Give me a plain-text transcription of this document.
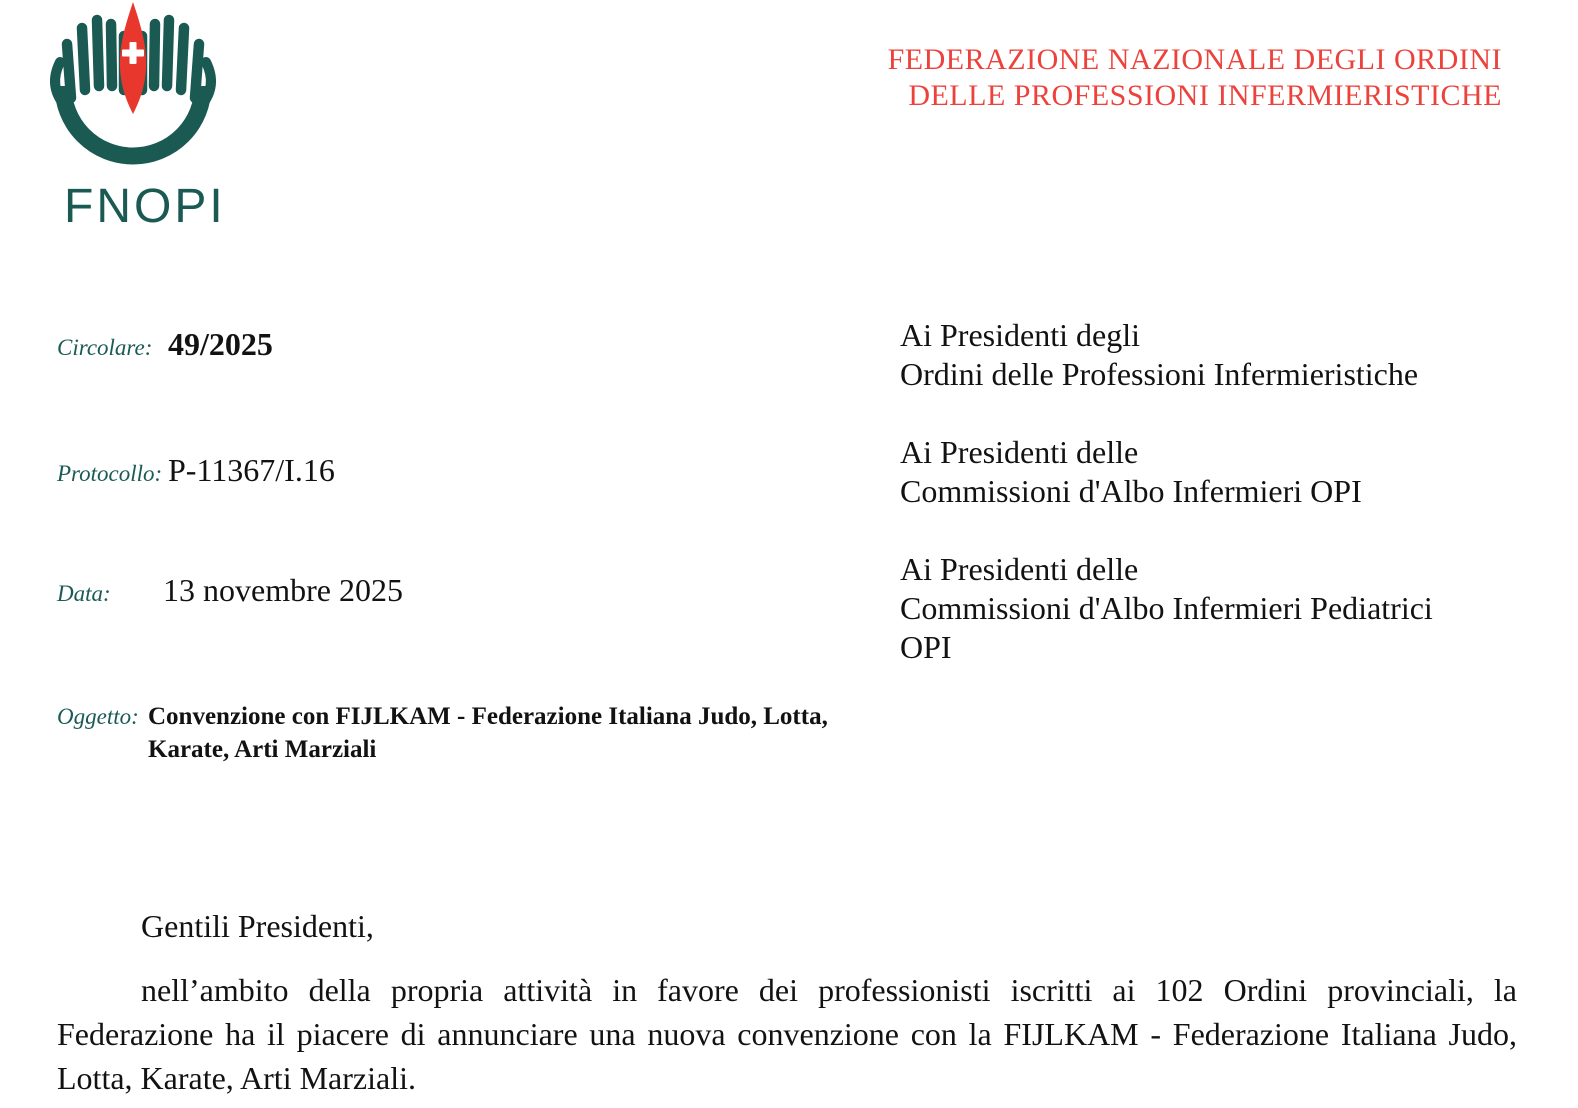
FNOPI
FEDERAZIONE NAZIONALE DEGLI ORDINI
DELLE PROFESSIONI INFERMIERISTICHE
Circolare: 49/2025
Protocollo: P-11367/I.16
Data: 13 novembre 2025
Oggetto: Convenzione con FIJLKAM - Federazione Italiana Judo, Lotta, Karate, Arti Marziali
Ai Presidenti degli
Ordini delle Professioni Infermieristiche
Ai Presidenti delle
Commissioni d'Albo Infermieri OPI
Ai Presidenti delle
Commissioni d'Albo Infermieri Pediatrici
OPI
Gentili Presidenti,
nell’ambito della propria attività in favore dei professionisti iscritti ai 102 Ordini provinciali, la
Federazione ha il piacere di annunciare una nuova convenzione con la FIJLKAM - Federazione Italiana Judo,
Lotta, Karate, Arti Marziali.
